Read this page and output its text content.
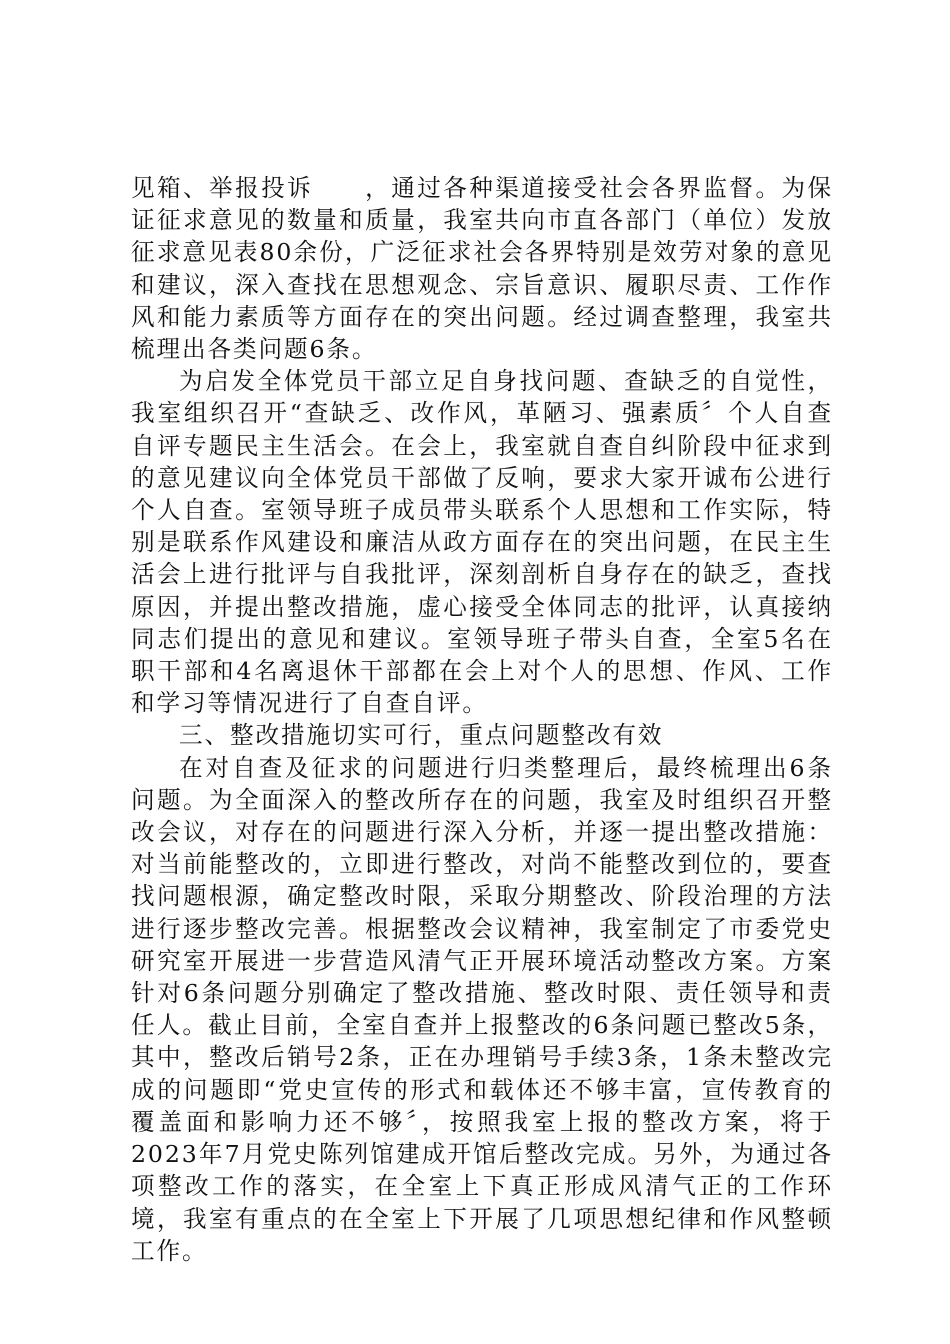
见箱、举报投诉　　，通过各种渠道接受社会各界监督。为保证征求意见的数量和质量，我室共向市直各部门（单位）发放征求意见表80余份，广泛征求社会各界特别是效劳对象的意见和建议，深入查找在思想观念、宗旨意识、履职尽责、工作作风和能力素质等方面存在的突出问题。经过调查整理，我室共梳理出各类问题6条。

为启发全体党员干部立足自身找问题、查缺乏的自觉性，我室组织召开“查缺乏、改作风，革陋习、强素质〞个人自查自评专题民主生活会。在会上，我室就自查自纠阶段中征求到的意见建议向全体党员干部做了反响，要求大家开诚布公进行个人自查。室领导班子成员带头联系个人思想和工作实际，特别是联系作风建设和廉洁从政方面存在的突出问题，在民主生活会上进行批评与自我批评，深刻剖析自身存在的缺乏，查找原因，并提出整改措施，虚心接受全体同志的批评，认真接纳同志们提出的意见和建议。室领导班子带头自查，全室5名在职干部和4名离退休干部都在会上对个人的思想、作风、工作和学习等情况进行了自查自评。

三、整改措施切实可行，重点问题整改有效

在对自查及征求的问题进行归类整理后，最终梳理出6条问题。为全面深入的整改所存在的问题，我室及时组织召开整改会议，对存在的问题进行深入分析，并逐一提出整改措施：对当前能整改的，立即进行整改，对尚不能整改到位的，要查找问题根源，确定整改时限，采取分期整改、阶段治理的方法进行逐步整改完善。根据整改会议精神，我室制定了市委党史研究室开展进一步营造风清气正开展环境活动整改方案。方案针对6条问题分别确定了整改措施、整改时限、责任领导和责任人。截止目前，全室自查并上报整改的6条问题已整改5条，其中，整改后销号2条，正在办理销号手续3条，1条未整改完成的问题即“党史宣传的形式和载体还不够丰富，宣传教育的覆盖面和影响力还不够〞，按照我室上报的整改方案，将于2023年7月党史陈列馆建成开馆后整改完成。另外，为通过各项整改工作的落实，在全室上下真正形成风清气正的工作环境，我室有重点的在全室上下开展了几项思想纪律和作风整顿工作。
